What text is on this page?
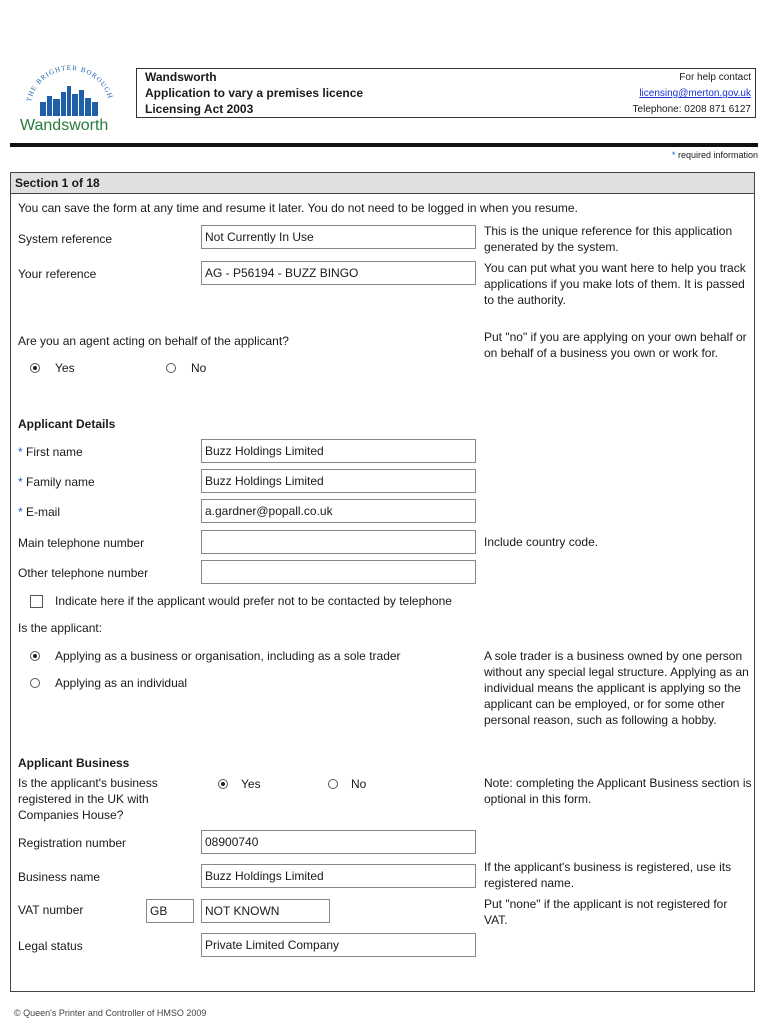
THE BRIGHTER BOROUGH
Wandsworth
Wandsworth
Application to vary a premises licence
Licensing Act 2003
For help contact
licensing@merton.gov.uk
Telephone: 0208 871 6127
* required information
Section 1 of 18
You can save the form at any time and resume it later. You do not need to be logged in when you resume.
System reference	Not Currently In Use	This is the unique reference for this application generated by the system.
Your reference	AG - P56194 - BUZZ BINGO	You can put what you want here to help you track applications if you make lots of them. It is passed to the authority.
Are you an agent acting on behalf of the applicant?	Put "no" if you are applying on your own behalf or on behalf of a business you own or work for.
Yes	No
Applicant Details
* First name	Buzz Holdings Limited
* Family name	Buzz Holdings Limited
* E-mail	a.gardner@popall.co.uk
Main telephone number	Include country code.
Other telephone number
Indicate here if the applicant would prefer not to be contacted by telephone
Is the applicant:
Applying as a business or organisation, including as a sole trader
Applying as an individual
A sole trader is a business owned by one person without any special legal structure. Applying as an individual means the applicant is applying so the applicant can be employed, or for some other personal reason, such as following a hobby.
Applicant Business
Is the applicant's business registered in the UK with Companies House?
Yes	No	Note: completing the Applicant Business section is optional in this form.
Registration number	08900740
Business name	Buzz Holdings Limited
If the applicant's business is registered, use its registered name.
VAT number	GB	NOT KNOWN	Put "none" if the applicant is not registered for VAT.
Legal status	Private Limited Company
© Queen's Printer and Controller of HMSO 2009
